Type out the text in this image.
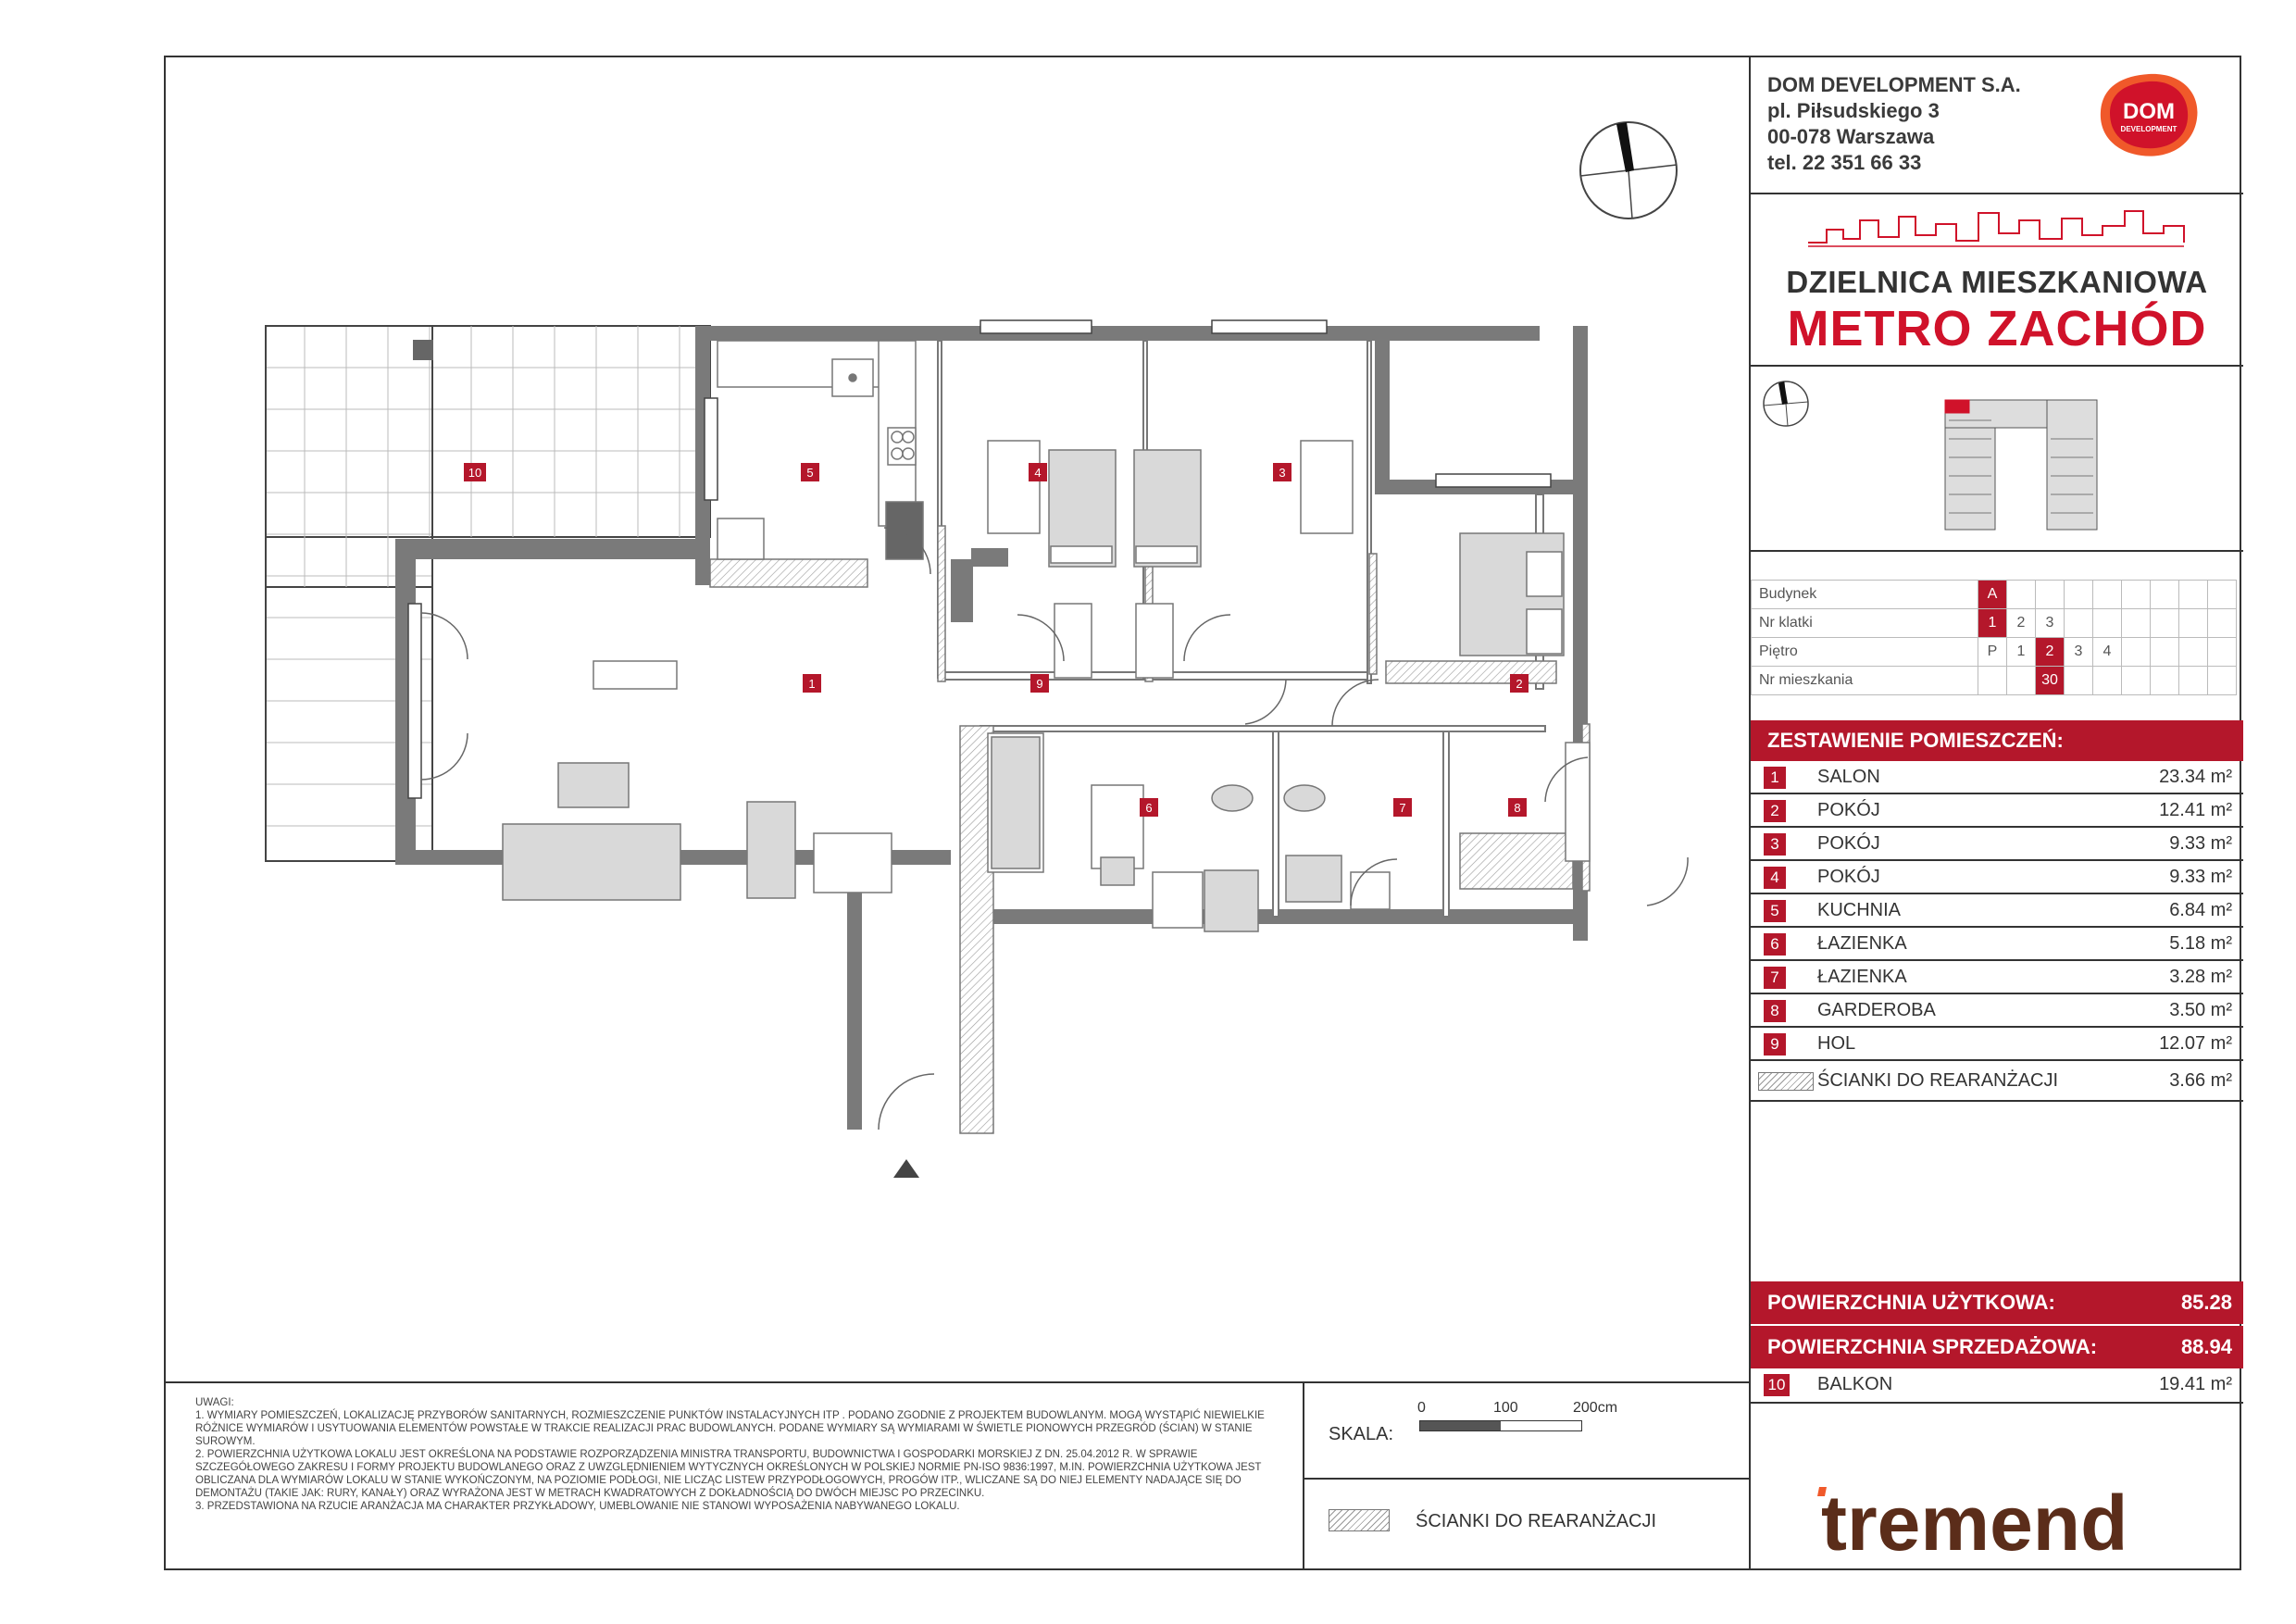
1	2
3
4
5
6	7	8
9
10
DOM DEVELOPMENT S.A.
pl. Piłsudskiego 3
00-078 Warszawa
tel. 22 351 66 33
DOM
DEVELOPMENT
DZIELNICA MIESZKANIOWA
METRO ZACHÓD
Budynek	A								
Nr klatki	1	2	3						
Piętro	P	1	2	3	4				
Nr mieszkania			30						
ZESTAWIENIE POMIESZCZEŃ:
1	SALON	23.34 m²
2	POKÓJ	12.41 m²
3	POKÓJ	9.33 m²
4	POKÓJ	9.33 m²
5	KUCHNIA	6.84 m²
6	ŁAZIENKA	5.18 m²
7	ŁAZIENKA	3.28 m²
8	GARDEROBA	3.50 m²
9	HOL	12.07 m²
ŚCIANKI DO REARANŻACJI	3.66 m²
POWIERZCHNIA UŻYTKOWA:	85.28
POWIERZCHNIA SPRZEDAŻOWA:	88.94
10 BALKON	19.41 m²
UWAGI:
1. WYMIARY POMIESZCZEŃ, LOKALIZACJĘ PRZYBORÓW SANITARNYCH, ROZMIESZCZENIE PUNKTÓW INSTALACYJNYCH ITP . PODANO ZGODNIE Z PROJEKTEM BUDOWLANYM. MOGĄ WYSTĄPIĆ NIEWIELKIE RÓŻNICE WYMIARÓW I USYTUOWANIA ELEMENTÓW POWSTAŁE W TRAKCIE REALIZACJI PRAC BUDOWLANYCH. PODANE WYMIARY SĄ WYMIARAMI W ŚWIETLE PIONOWYCH PRZEGRÓD (ŚCIAN) W STANIE SUROWYM.
2. POWIERZCHNIA UŻYTKOWA LOKALU JEST OKREŚLONA NA PODSTAWIE ROZPORZĄDZENIA MINISTRA TRANSPORTU, BUDOWNICTWA I GOSPODARKI MORSKIEJ Z DN. 25.04.2012 R. W SPRAWIE SZCZEGÓŁOWEGO ZAKRESU I FORMY PROJEKTU BUDOWLANEGO ORAZ Z UWZGLĘDNIENIEM WYTYCZNYCH OKREŚLONYCH W POLSKIEJ NORMIE PN-ISO 9836:1997, M.IN. POWIERZCHNIA UŻYTKOWA JEST OBLICZANA DLA WYMIARÓW LOKALU W STANIE WYKOŃCZONYM, NA POZIOMIE PODŁOGI, NIE LICZĄC LISTEW PRZYPODŁOGOWYCH, PROGÓW ITP., WLICZANE SĄ DO NIEJ ELEMENTY NADAJĄCE SIĘ DO DEMONTAŻU (TAKIE JAK: RURY, KANAŁY) ORAZ WYRAŻONA JEST W METRACH KWADRATOWYCH Z DOKŁADNOŚCIĄ DO DWÓCH MIEJSC PO PRZECINKU.
3. PRZEDSTAWIONA NA RZUCIE ARANŻACJA MA CHARAKTER PRZYKŁADOWY, UMEBLOWANIE NIE STANOWI WYPOSAŻENIA NABYWANEGO LOKALU.
SKALA:
0	100	200cm
ŚCIANKI DO REARANŻACJI tremend
